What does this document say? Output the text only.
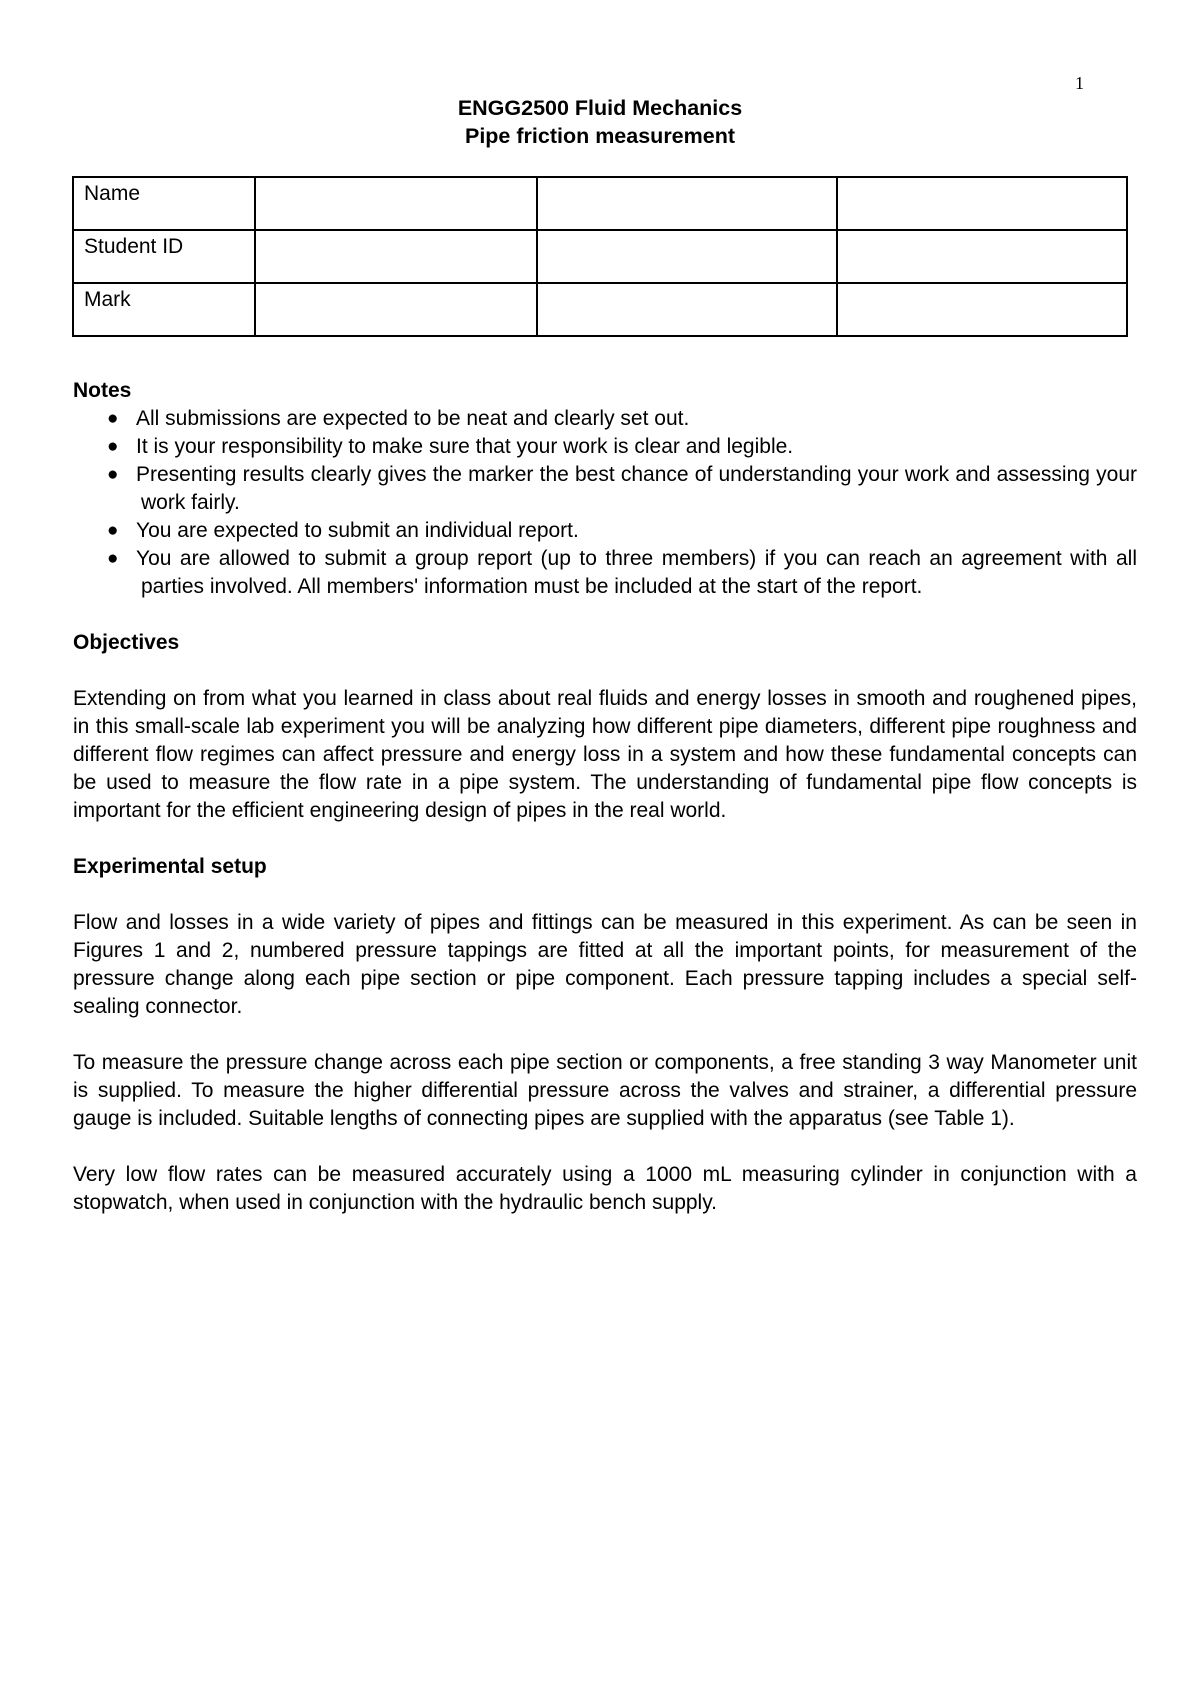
1
ENGG2500 Fluid Mechanics
Pipe friction measurement
Name			
Student ID			
Mark			

Notes

● All submissions are expected to be neat and clearly set out.
● It is your responsibility to make sure that your work is clear and legible.
● Presenting results clearly gives the marker the best chance of understanding your work and assessing your work fairly.
● You are expected to submit an individual report.
● You are allowed to submit a group report (up to three members) if you can reach an agreement with all parties involved. All members' information must be included at the start of the report.

Objectives

Extending on from what you learned in class about real fluids and energy losses in smooth and roughened pipes, in this small-scale lab experiment you will be analyzing how different pipe diameters, different pipe roughness and different flow regimes can affect pressure and energy loss in a system and how these fundamental concepts can be used to measure the flow rate in a pipe system. The understanding of fundamental pipe flow concepts is important for the efficient engineering design of pipes in the real world.

Experimental setup

Flow and losses in a wide variety of pipes and fittings can be measured in this experiment. As can be seen in Figures 1 and 2, numbered pressure tappings are fitted at all the important points, for measurement of the pressure change along each pipe section or pipe component. Each pressure tapping includes a special self-sealing connector.

To measure the pressure change across each pipe section or components, a free standing 3 way Manometer unit is supplied. To measure the higher differential pressure across the valves and strainer, a differential pressure gauge is included. Suitable lengths of connecting pipes are supplied with the apparatus (see Table 1).

Very low flow rates can be measured accurately using a 1000 mL measuring cylinder in conjunction with a stopwatch, when used in conjunction with the hydraulic bench supply.
